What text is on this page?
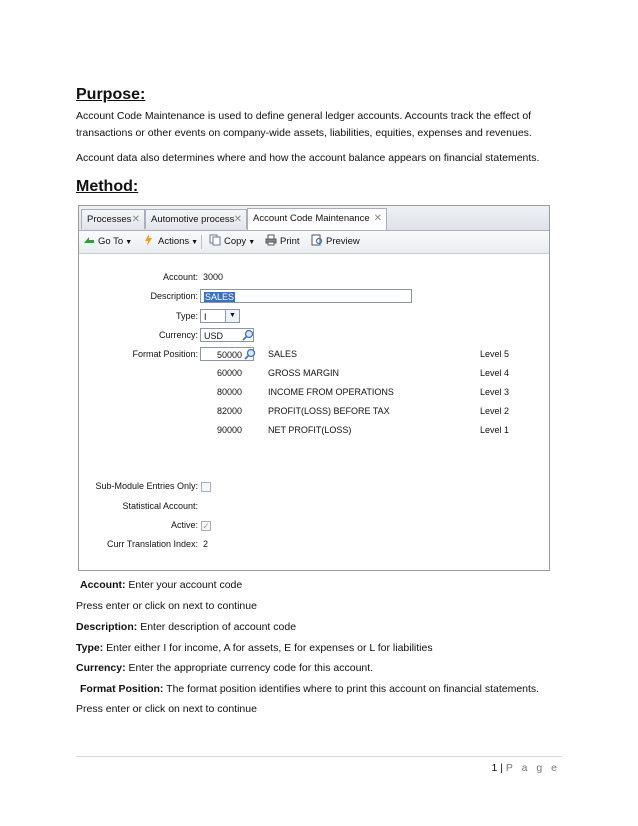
Purpose:
Account Code Maintenance is used to define general ledger accounts. Accounts track the effect of transactions or other events on company-wide assets, liabilities, equities, expenses and revenues.
Account data also determines where and how the account balance appears on financial statements.
Method:
Processes ✕	Automotive process ✕	Account Code Maintenance ✕
Go To ▼	Actions ▼	Copy ▼	Print	Preview
Account: 3000
Description: SALES
Type: I	▼
Currency: USD
Format Position:	50000	SALES	Level 5
60000	GROSS MARGIN	Level 4
80000	INCOME FROM OPERATIONS	Level 3
82000	PROFIT(LOSS) BEFORE TAX	Level 2
90000	NET PROFIT(LOSS)	Level 1
Sub-Module Entries Only:
Statistical Account:
Active: ✓
Curr Translation Index: 2
Account: Enter your account code
Press enter or click on next to continue
Description: Enter description of account code
Type: Enter either I for income, A for assets, E for expenses or L for liabilities
Currency: Enter the appropriate currency code for this account.
Format Position: The format position identifies where to print this account on financial statements.
Press enter or click on next to continue
1 | P a g e
